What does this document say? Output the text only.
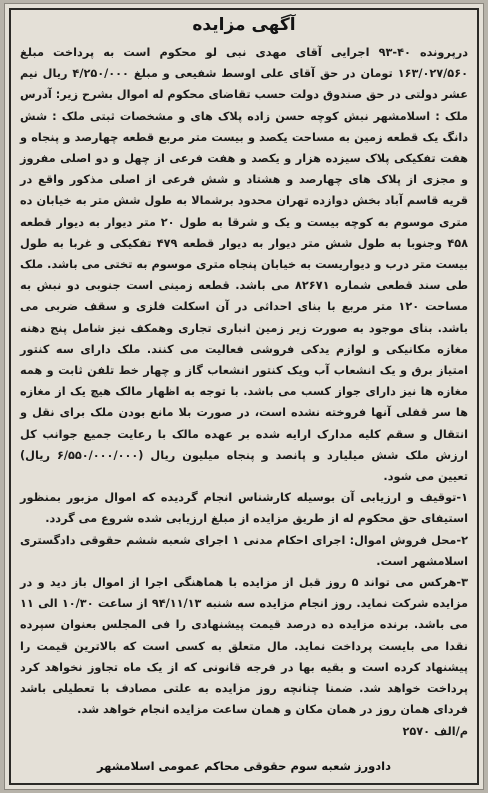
آگهی مزایده

درپرونده ۴۰-۹۳ اجرایی آقای مهدی نبی لو محکوم است به پرداخت مبلغ ۱۶۳/۰۲۷/۵۶۰ تومان در حق آقای علی اوسط شفیعی و مبلغ ۴/۲۵۰/۰۰۰ ریال نیم عشر دولتی در حق صندوق دولت حسب تقاضای محکوم له اموال بشرح زیر: آدرس ملک : اسلامشهر نبش کوچه حسن زاده پلاک های و مشخصات ثبتی ملک : شش دانگ یک قطعه زمین به مساحت یکصد و بیست متر مربع قطعه چهارصد و پنجاه و هفت تفکیکی پلاک سیزده هزار و یکصد و هفت فرعی از چهل و دو اصلی مفروز و مجزی از پلاک های چهارصد و هشتاد و شش فرعی از اصلی مذکور واقع در قریه قاسم آباد بخش دوازده تهران محدود برشمالا به طول شش متر به خیابان ده متری موسوم به کوچه بیست و یک و شرقا به طول ۲۰ متر دیوار به دیوار قطعه ۴۵۸ وجنوبا به طول شش متر دیوار به دیوار قطعه ۴۷۹ تفکیکی و غربا به طول بیست متر درب و دیواریست به خیابان پنجاه متری موسوم به تختی می باشد. ملک طی سند قطعی شماره ۸۲۶۷۱ می باشد. قطعه زمینی است جنوبی دو نبش به مساحت ۱۲۰ متر مربع با بنای احداثی در آن اسکلت فلزی و سقف ضربی می باشد. بنای موجود به صورت زیر زمین انباری تجاری وهمکف نیز شامل پنج دهنه مغازه مکانیکی و لوازم یدکی فروشی فعالیت می کنند. ملک دارای سه کنتور امتیاز برق و یک انشعاب آب ویک کنتور انشعاب گاز و چهار خط تلفن ثابت و همه مغازه ها نیز دارای جواز کسب می باشد. با توجه به اظهار مالک هیچ یک از مغازه ها سر قفلی آنها فروخته نشده است، در صورت بلا مانع بودن ملک برای نقل و انتقال و سقم کلیه مدارک ارایه شده بر عهده مالک با رعایت جمیع جوانب کل ارزش ملک شش میلیارد و پانصد و پنجاه میلیون ریال (۶/۵۵۰/۰۰۰/۰۰۰ ریال) تعیین می شود.

۱-توقیف و ارزیابی آن بوسیله کارشناس انجام گردیده که اموال مزبور بمنظور استیفای حق محکوم له از طریق مزایده از مبلغ ارزیابی شده شروع می گردد.

۲-محل فروش اموال: اجرای احکام مدنی ۱ اجرای شعبه ششم حقوقی دادگستری اسلامشهر است.

۳-هرکس می تواند ۵ روز قبل از مزایده با هماهنگی اجرا از اموال باز دید و در مزایده شرکت نماید. روز انجام مزایده سه شنبه ۹۴/۱۱/۱۳ از ساعت ۱۰/۳۰ الی ۱۱ می باشد. برنده مزایده ده درصد قیمت پیشنهادی را فی المجلس بعنوان سپرده نقدا می بایست پرداخت نماید. مال متعلق به کسی است که بالاترین قیمت را پیشنهاد کرده است و بقیه بها در فرجه قانونی که از یک ماه تجاوز نخواهد کرد پرداخت خواهد شد. ضمنا چنانچه روز مزایده به علتی مصادف با تعطیلی باشد فردای همان روز در همان مکان و همان ساعت مزایده انجام خواهد شد.

م/الف ۲۵۷۰

دادورز شعبه سوم حقوقی محاکم عمومی اسلامشهر
